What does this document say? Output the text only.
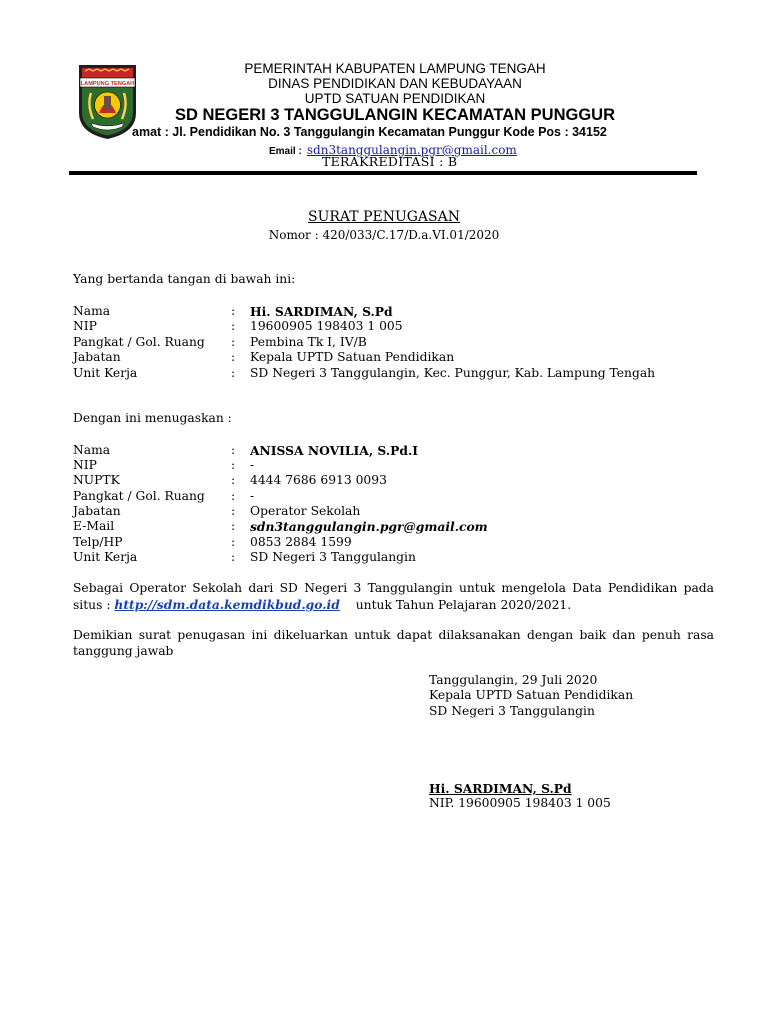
LAMPUNG TENGAH
PEMERINTAH KABUPATEN LAMPUNG TENGAH
DINAS PENDIDIKAN DAN KEBUDAYAAN
UPTD SATUAN PENDIDIKAN
SD NEGERI 3 TANGGULANGIN KECAMATAN PUNGGUR
amat : Jl. Pendidikan No. 3 Tanggulangin Kecamatan Punggur Kode Pos : 34152
Email : sdn3tanggulangin.pgr@gmail.com
TERAKREDITASI : B
SURAT PENUGASAN
Nomor : 420/033/C.17/D.a.VI.01/2020
Yang bertanda tangan di bawah ini:
Nama	: Hi. SARDIMAN, S.Pd
NIP	: 19600905 198403 1 005
Pangkat / Gol. Ruang : Pembina Tk I, IV/B
Jabatan	: Kepala UPTD Satuan Pendidikan
Unit Kerja	: SD Negeri 3 Tanggulangin, Kec. Punggur, Kab. Lampung Tengah
Dengan ini menugaskan :
Nama	: ANISSA NOVILIA, S.Pd.I
NIP	: -
NUPTK	: 4444 7686 6913 0093
Pangkat / Gol. Ruang : -
Jabatan	: Operator Sekolah
E-Mail	: sdn3tanggulangin.pgr@gmail.com
Telp/HP	: 0853 2884 1599
Unit Kerja	: SD Negeri 3 Tanggulangin
Sebagai Operator Sekolah dari SD Negeri 3 Tanggulangin untuk mengelola Data Pendidikan pada
situs : http://sdm.data.kemdikbud.go.id untuk Tahun Pelajaran 2020/2021.
Demikian surat penugasan ini dikeluarkan untuk dapat dilaksanakan dengan baik dan penuh rasa tanggung jawab
Tanggulangin, 29 Juli 2020
Kepala UPTD Satuan Pendidikan
SD Negeri 3 Tanggulangin
Hi. SARDIMAN, S.Pd
NIP. 19600905 198403 1 005
